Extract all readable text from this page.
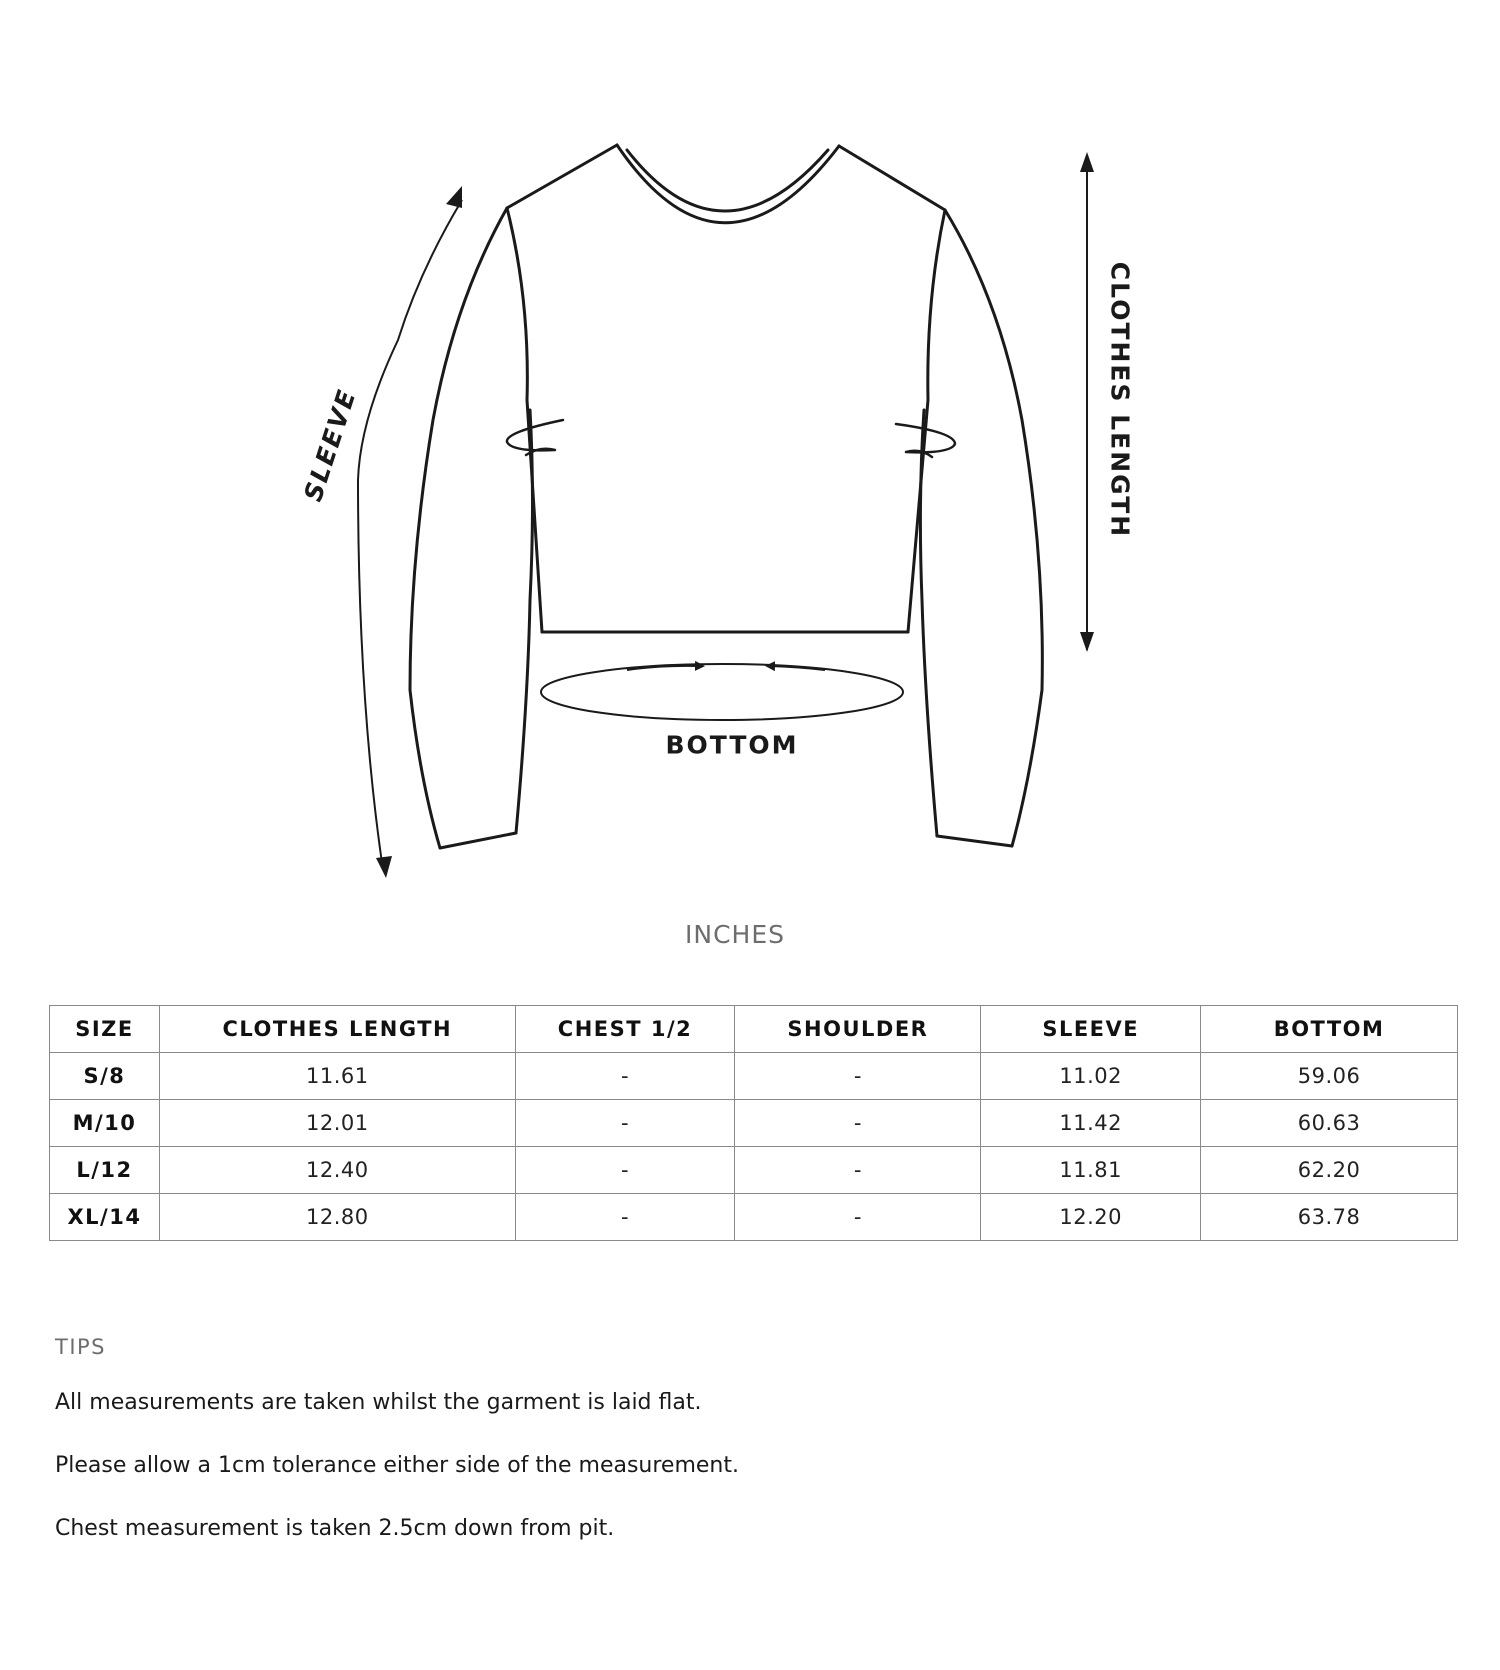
SLEEVE	CLOTHES LENGTH
BOTTOM
INCHES
SIZE	CLOTHES LENGTH	CHEST 1/2	SHOULDER	SLEEVE	BOTTOM
S/8	11.61	-	-	11.02	59.06
M/10	12.01	-	-	11.42	60.63
L/12	12.40	-	-	11.81	62.20
XL/14	12.80	-	-	12.20	63.78
TIPS

All measurements are taken whilst the garment is laid flat.

Please allow a 1cm tolerance either side of the measurement.

Chest measurement is taken 2.5cm down from pit.
